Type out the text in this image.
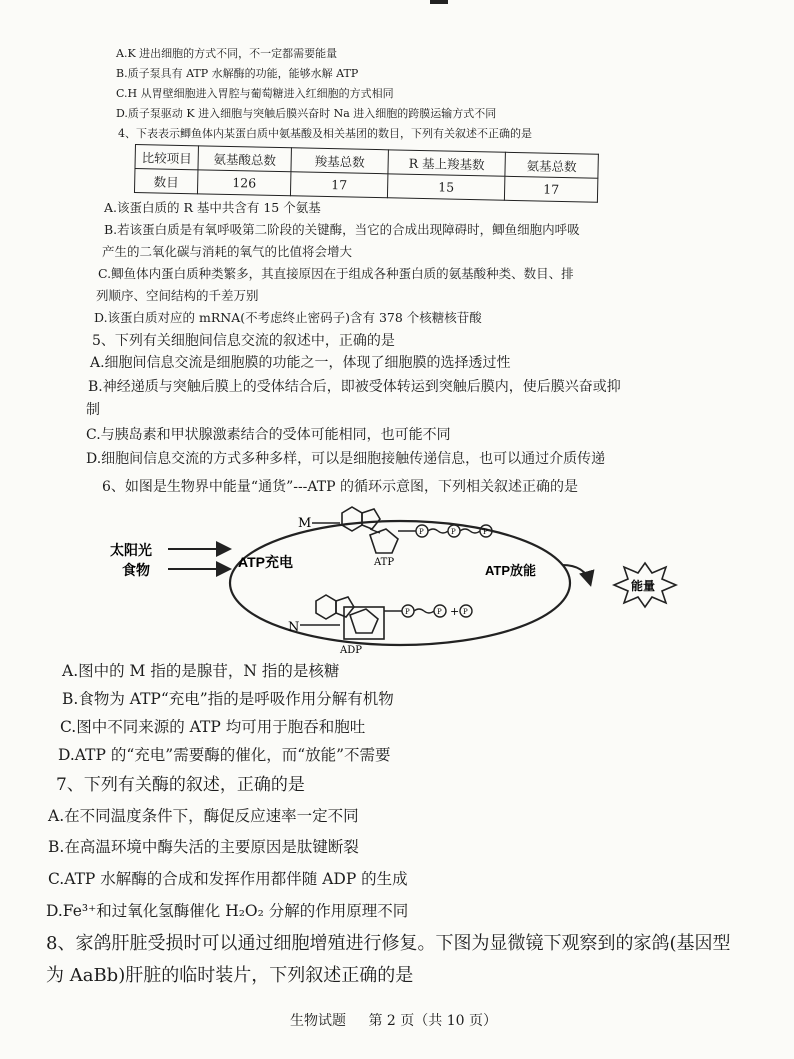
A.K 进出细胞的方式不同，不一定都需要能量
B.质子泵具有 ATP 水解酶的功能，能够水解 ATP
C.H 从胃壁细胞进入胃腔与葡萄糖进入红细胞的方式相同
D.质子泵驱动 K 进入细胞与突触后膜兴奋时 Na 进入细胞的跨膜运输方式不同
4、下表表示鲫鱼体内某蛋白质中氨基酸及相关基团的数目，下列有关叙述不正确的是
比较项目	氨基酸总数	羧基总数	R 基上羧基数	氨基总数
数目	126	17	15	17
A.该蛋白质的 R 基中共含有 15 个氨基
B.若该蛋白质是有氧呼吸第二阶段的关键酶，当它的合成出现障碍时，鲫鱼细胞内呼吸
产生的二氧化碳与消耗的氧气的比值将会增大
C.鲫鱼体内蛋白质种类繁多，其直接原因在于组成各种蛋白质的氨基酸种类、数目、排
列顺序、空间结构的千差万别
D.该蛋白质对应的 mRNA(不考虑终止密码子)含有 378 个核糖核苷酸
5、下列有关细胞间信息交流的叙述中，正确的是
A.细胞间信息交流是细胞膜的功能之一，体现了细胞膜的选择透过性
B.神经递质与突触后膜上的受体结合后，即被受体转运到突触后膜内，使后膜兴奋或抑
制
C.与胰岛素和甲状腺激素结合的受体可能相同，也可能不同
D.细胞间信息交流的方式多种多样，可以是细胞接触传递信息，也可以通过介质传递
6、如图是生物界中能量“通货”---ATP 的循环示意图，下列相关叙述正确的是
太阳光
食物	ATP充电
ATP放能
能量
M
ATP
P	P	P
N
ADP
P	P + P
A.图中的 M 指的是腺苷，N 指的是核糖
B.食物为 ATP“充电”指的是呼吸作用分解有机物
C.图中不同来源的 ATP 均可用于胞吞和胞吐
D.ATP 的“充电”需要酶的催化，而“放能”不需要
7、下列有关酶的叙述，正确的是
A.在不同温度条件下，酶促反应速率一定不同
B.在高温环境中酶失活的主要原因是肽键断裂
C.ATP 水解酶的合成和发挥作用都伴随 ADP 的生成
D.Fe³⁺和过氧化氢酶催化 H₂O₂ 分解的作用原理不同
8、家鸽肝脏受损时可以通过细胞增殖进行修复。下图为显微镜下观察到的家鸽(基因型
为 AaBb)肝脏的临时装片，下列叙述正确的是
生物试题 第 2 页（共 10 页）
